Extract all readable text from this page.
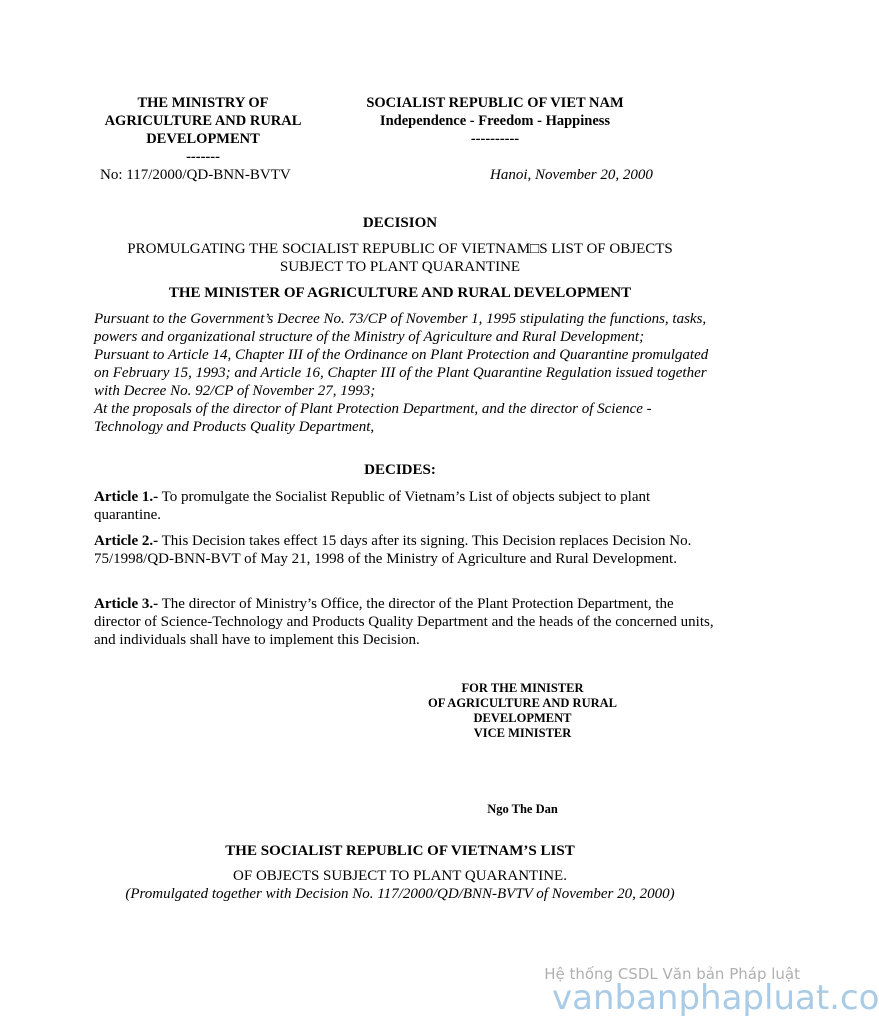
THE MINISTRY OF
AGRICULTURE AND RURAL
DEVELOPMENT
-------
SOCIALIST REPUBLIC OF VIET NAM
Independence - Freedom - Happiness
----------
No: 117/2000/QD-BNN-BVTV	Hanoi, November 20, 2000
DECISION
PROMULGATING THE SOCIALIST REPUBLIC OF VIETNAM□S LIST OF OBJECTS
SUBJECT TO PLANT QUARANTINE
THE MINISTER OF AGRICULTURE AND RURAL DEVELOPMENT

Pursuant to the Government’s Decree No. 73/CP of November 1, 1995 stipulating the functions, tasks, powers and organizational structure of the Ministry of Agriculture and Rural Development;

Pursuant to Article 14, Chapter III of the Ordinance on Plant Protection and Quarantine promulgated on February 15, 1993; and Article 16, Chapter III of the Plant Quarantine Regulation issued together with Decree No. 92/CP of November 27, 1993;

At the proposals of the director of Plant Protection Department, and the director of Science - Technology and Products Quality Department,

DECIDES:
Article 1.- To promulgate the Socialist Republic of Vietnam’s List of objects subject to plant quarantine.
Article 2.- This Decision takes effect 15 days after its signing. This Decision replaces Decision No. 75/1998/QD-BNN-BVT of May 21, 1998 of the Ministry of Agriculture and Rural Development.
Article 3.- The director of Ministry’s Office, the director of the Plant Protection Department, the director of Science-Technology and Products Quality Department and the heads of the concerned units, and individuals shall have to implement this Decision.
FOR THE MINISTER
OF AGRICULTURE AND RURAL
DEVELOPMENT
VICE MINISTER
Ngo The Dan
THE SOCIALIST REPUBLIC OF VIETNAM’S LIST
OF OBJECTS SUBJECT TO PLANT QUARANTINE.
(Promulgated together with Decision No. 117/2000/QD/BNN-BVTV of November 20, 2000)
Hệ thống CSDL Văn bản Pháp luật
vanbanphapluat.co
